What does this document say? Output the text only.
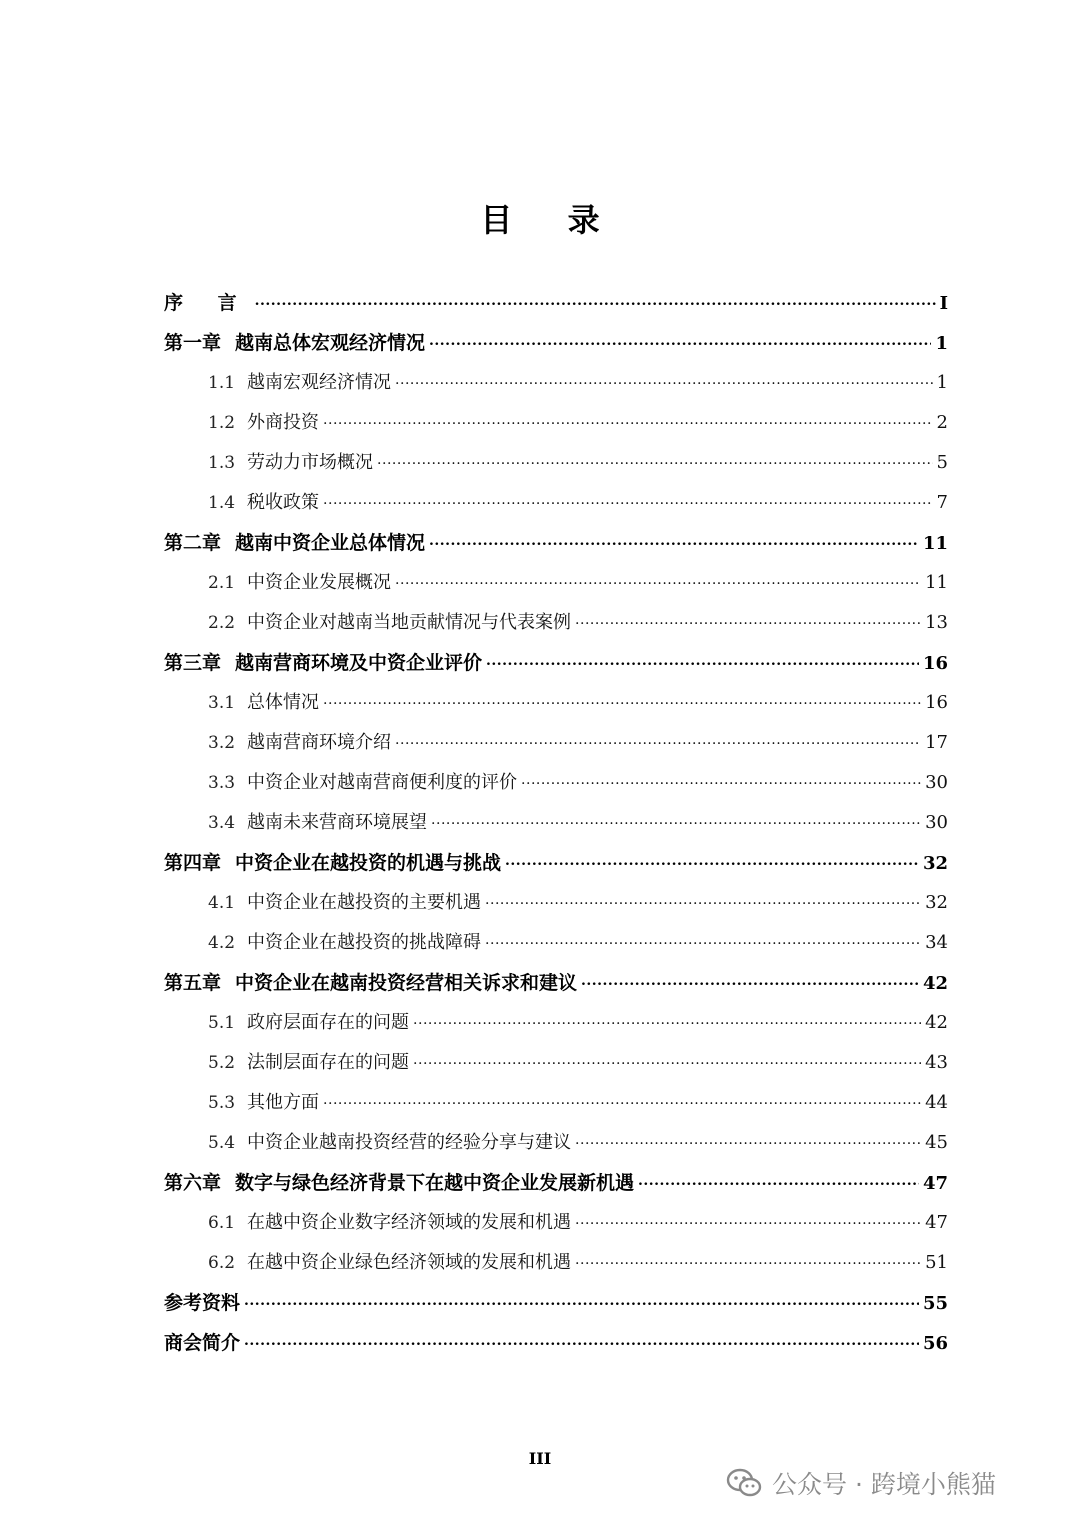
目 录
序 言 .....	I
第一章 越南总体宏观经济情况 .....	1
1.1 越南宏观经济情况 .....	1
1.2 外商投资 .....	2
1.3 劳动力市场概况 .....	5
1.4 税收政策 .....	7
第二章 越南中资企业总体情况 .....	11
2.1 中资企业发展概况 .....	11
2.2 中资企业对越南当地贡献情况与代表案例 .....	13
第三章 越南营商环境及中资企业评价 .....	16
3.1 总体情况 .....	16
3.2 越南营商环境介绍 .....	17
3.3 中资企业对越南营商便利度的评价 .....	30
3.4 越南未来营商环境展望 .....	30
第四章 中资企业在越投资的机遇与挑战 .....	32
4.1 中资企业在越投资的主要机遇 .....	32
4.2 中资企业在越投资的挑战障碍 .....	34
第五章 中资企业在越南投资经营相关诉求和建议 .....	42
5.1 政府层面存在的问题 .....	42
5.2 法制层面存在的问题 .....	43
5.3 其他方面 .....	44
5.4 中资企业越南投资经营的经验分享与建议 .....	45
第六章 数字与绿色经济背景下在越中资企业发展新机遇 .....	47
6.1 在越中资企业数字经济领域的发展和机遇 .....	47
6.2 在越中资企业绿色经济领域的发展和机遇 .....	51
参考资料 .....	55
商会简介 .....	56
III
公众号 · 跨境小熊猫
